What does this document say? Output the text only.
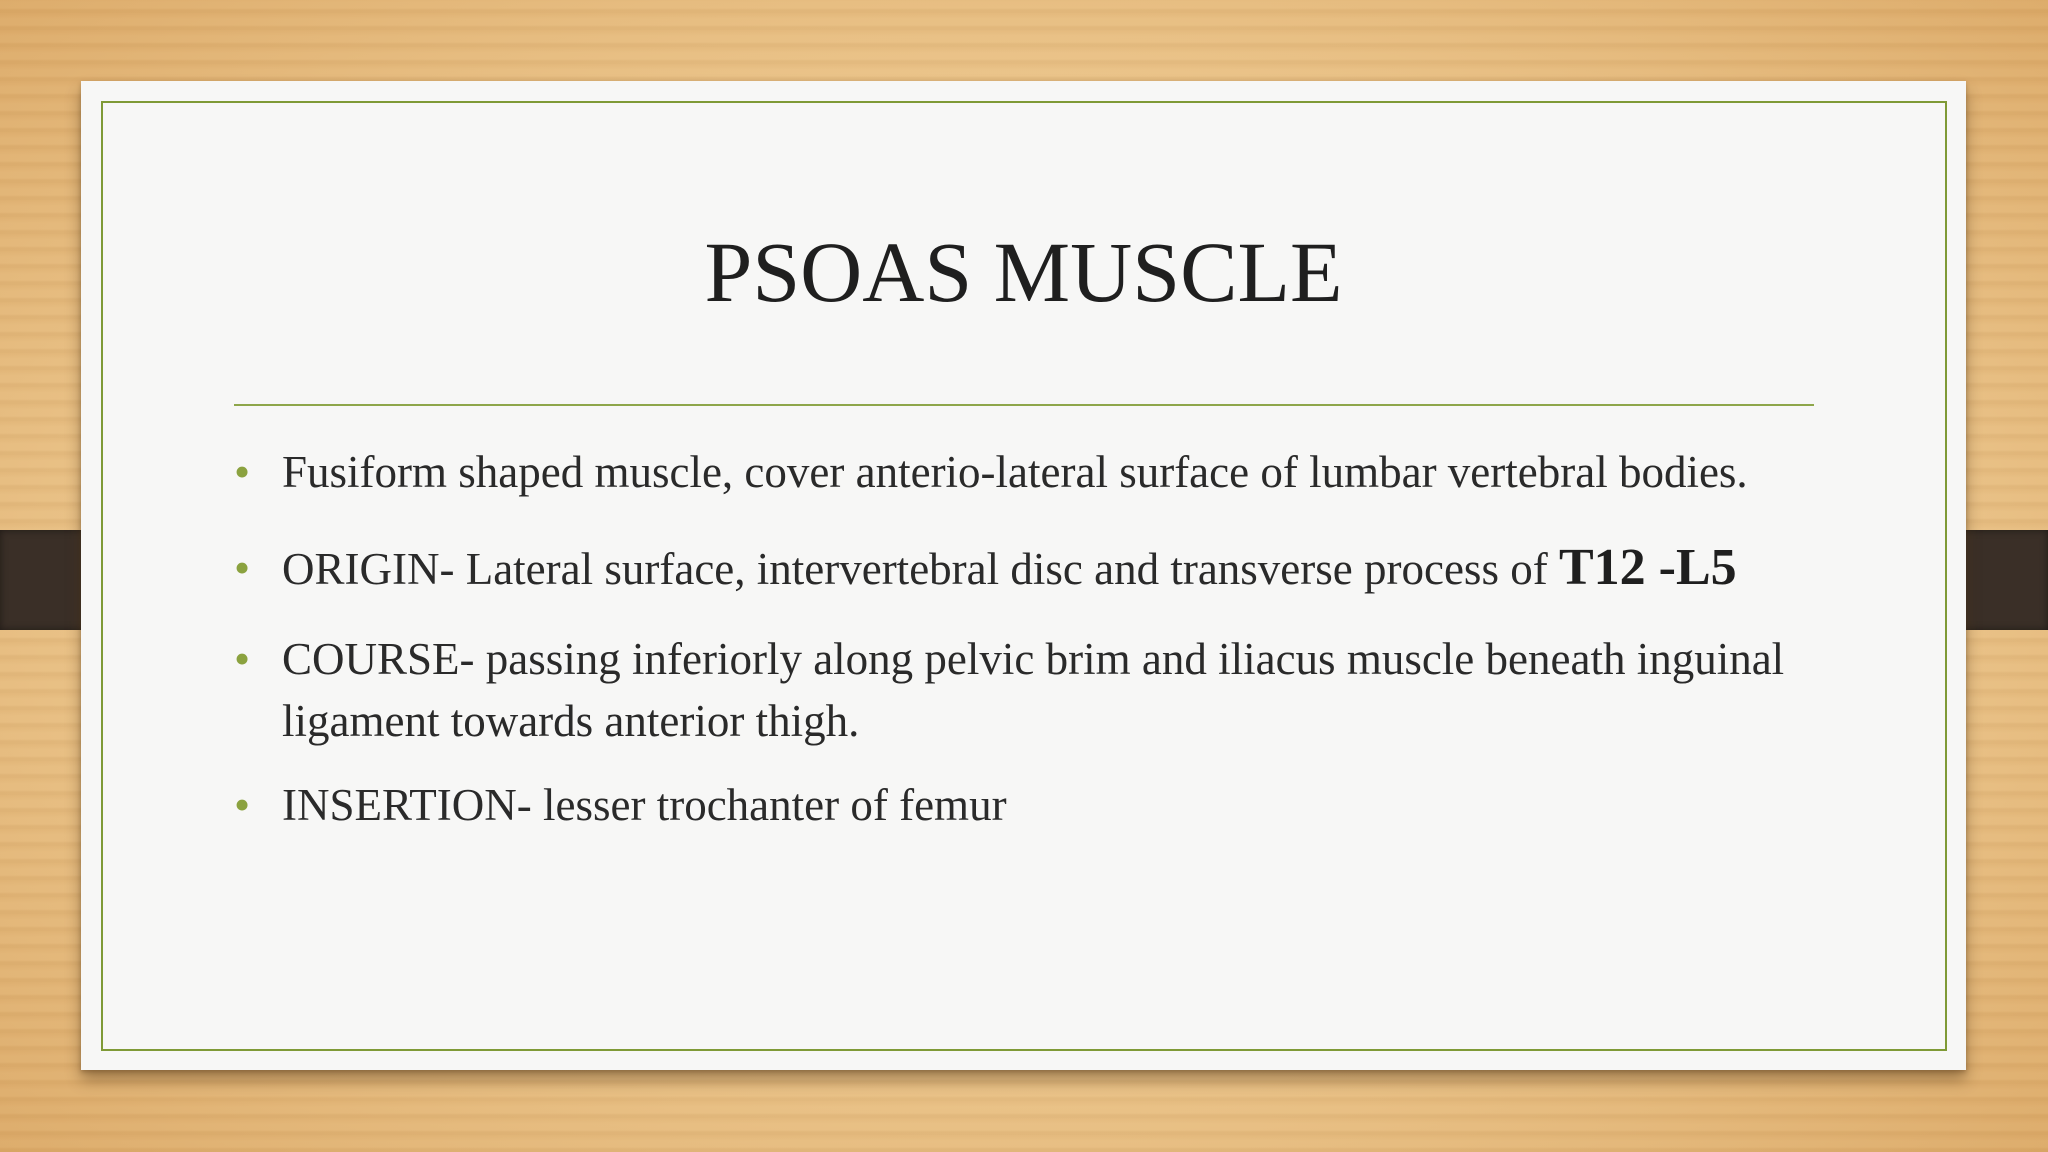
PSOAS MUSCLE
• Fusiform shaped muscle, cover anterio-lateral surface of lumbar vertebral bodies.
• ORIGIN- Lateral surface, intervertebral disc and transverse process of T12 -L5
• COURSE- passing inferiorly along pelvic brim and iliacus muscle beneath inguinal ligament towards anterior thigh.
• INSERTION- lesser trochanter of femur
